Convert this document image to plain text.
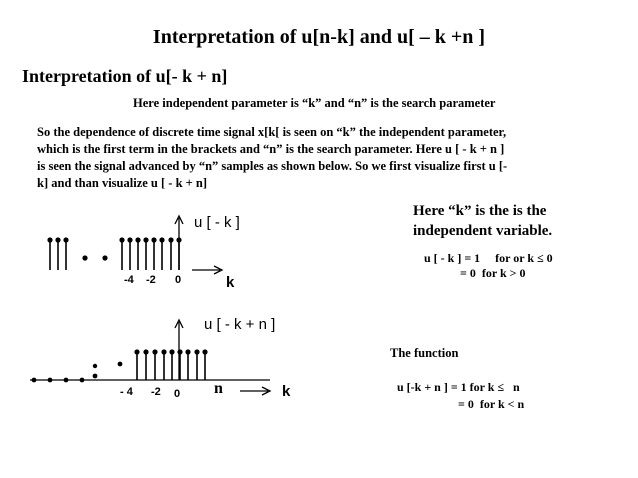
Interpretation of u[n-k] and u[ – k +n ]
Interpretation of u[- k + n]
Here independent parameter is “k” and “n” is the search parameter
So the dependence of discrete time signal x[k[ is seen on “k” the independent parameter,
which is the first term in the brackets and “n” is the search parameter. Here u [ - k + n ]
is seen the signal advanced by “n” samples as shown below. So we first visualize first u [-
k] and than visualize u [ - k + n]
u [ - k ]
-4 -2 0	k
u [ - k + n ]
- 4 -2 0 n	k
Here “k” is the is the
independent variable.
u [ - k ] = 1     for or k ≤ 0
= 0  for k > 0
The function
u [-k + n ] = 1 for k ≤   n
= 0  for k < n
